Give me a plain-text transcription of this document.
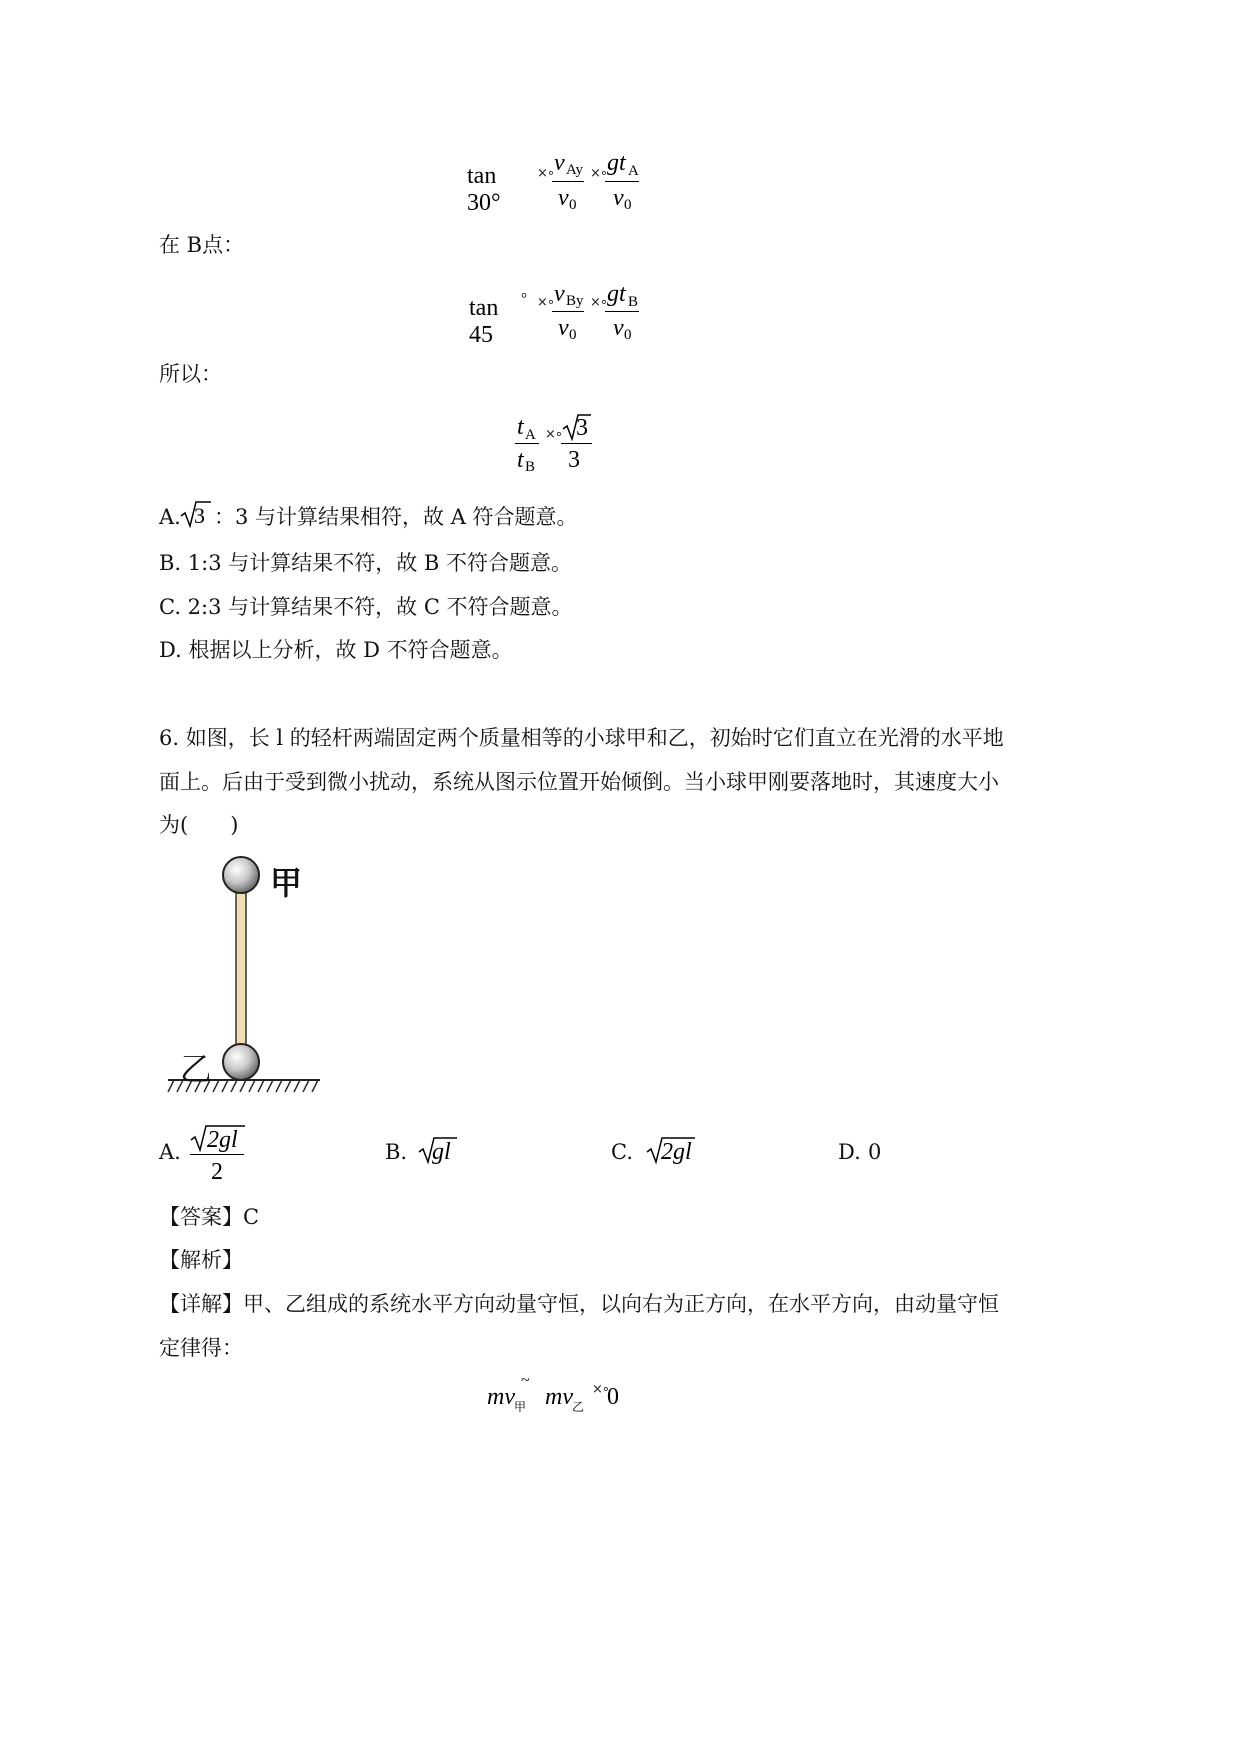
tan 30°
×∘ v Ay
v 0
×∘ gt A
v 0
在 B点：
tan 45
° ×∘ v By
v 0
×∘ gt B
v 0
所以：
t A
t B
×∘ 3
3
A. 3 ：3 与计算结果相符，故 A 符合题意。
B. 1:3 与计算结果不符，故 B 不符合题意。
C. 2:3 与计算结果不符，故 C 不符合题意。
D. 根据以上分析，故 D 不符合题意。
6. 如图，长 l 的轻杆两端固定两个质量相等的小球甲和乙，初始时它们直立在光滑的水平地
面上。后由于受到微小扰动，系统从图示位置开始倾倒。当小球甲刚要落地时，其速度大小
为(　　)
甲
乙
A. 2gl
2
B. gl	C. 2gl	D. 0
【答案】C
【解析】
【详解】甲、乙组成的系统水平方向动量守恒，以向右为正方向，在水平方向，由动量守恒
定律得：
mv 甲
~
mv 乙
×∘
0
